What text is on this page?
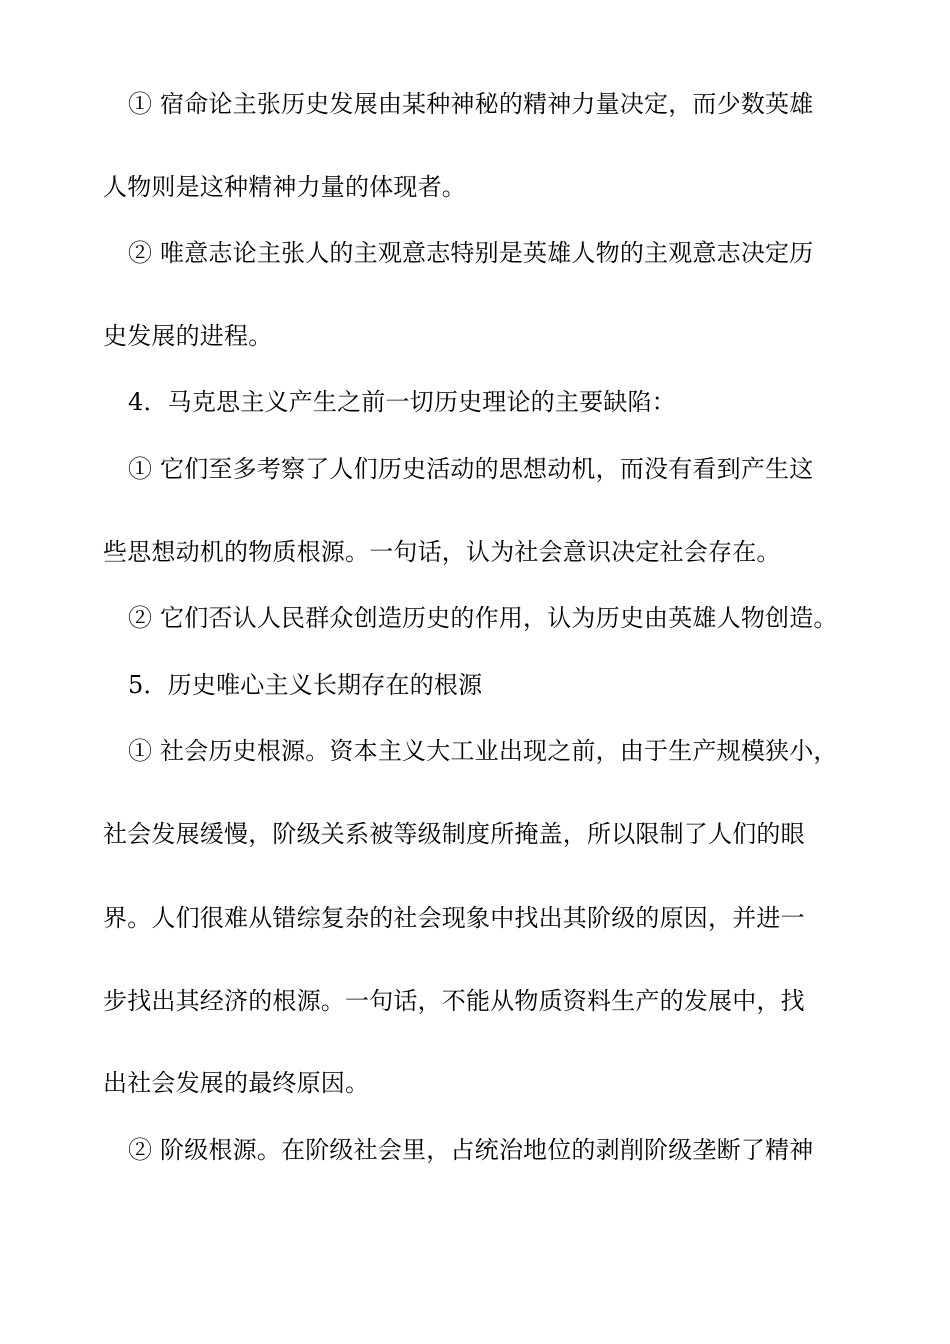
① 宿命论主张历史发展由某种神秘的精神力量决定，而少数英雄
人物则是这种精神力量的体现者。
② 唯意志论主张人的主观意志特别是英雄人物的主观意志决定历
史发展的进程。
4．马克思主义产生之前一切历史理论的主要缺陷：
① 它们至多考察了人们历史活动的思想动机，而没有看到产生这
些思想动机的物质根源。一句话，认为社会意识决定社会存在。
② 它们否认人民群众创造历史的作用，认为历史由英雄人物创造。
5．历史唯心主义长期存在的根源
① 社会历史根源。资本主义大工业出现之前，由于生产规模狭小，
社会发展缓慢，阶级关系被等级制度所掩盖，所以限制了人们的眼
界。人们很难从错综复杂的社会现象中找出其阶级的原因，并进一
步找出其经济的根源。一句话，不能从物质资料生产的发展中，找
出社会发展的最终原因。
② 阶级根源。在阶级社会里，占统治地位的剥削阶级垄断了精神
